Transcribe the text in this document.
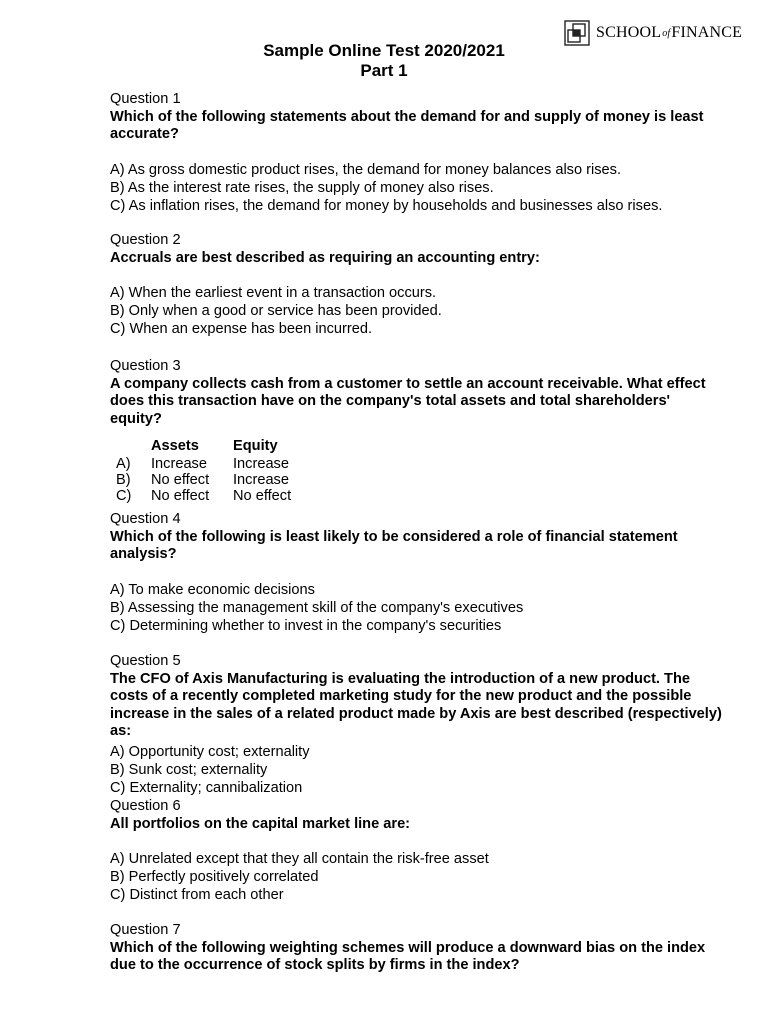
SCHOOLofFINANCE
Sample Online Test 2020/2021
Part 1
Question 1
Which of the following statements about the demand for and supply of money is least accurate?
A) As gross domestic product rises, the demand for money balances also rises.
B) As the interest rate rises, the supply of money also rises.
C) As inflation rises, the demand for money by households and businesses also rises.
Question 2
Accruals are best described as requiring an accounting entry:
A) When the earliest event in a transaction occurs.
B) Only when a good or service has been provided.
C) When an expense has been incurred.
Question 3
A company collects cash from a customer to settle an account receivable. What effect does this transaction have on the company's total assets and total shareholders' equity?
	Assets	Equity
A)	Increase	Increase
B)	No effect	Increase
C)	No effect	No effect
Question 4
Which of the following is least likely to be considered a role of financial statement analysis?
A) To make economic decisions
B) Assessing the management skill of the company's executives
C) Determining whether to invest in the company's securities
Question 5
The CFO of Axis Manufacturing is evaluating the introduction of a new product. The costs of a recently completed marketing study for the new product and the possible increase in the sales of a related product made by Axis are best described (respectively) as:
A) Opportunity cost; externality
B) Sunk cost; externality
C) Externality; cannibalization
Question 6
All portfolios on the capital market line are:
A) Unrelated except that they all contain the risk-free asset
B) Perfectly positively correlated
C) Distinct from each other
Question 7
Which of the following weighting schemes will produce a downward bias on the index due to the occurrence of stock splits by firms in the index?
